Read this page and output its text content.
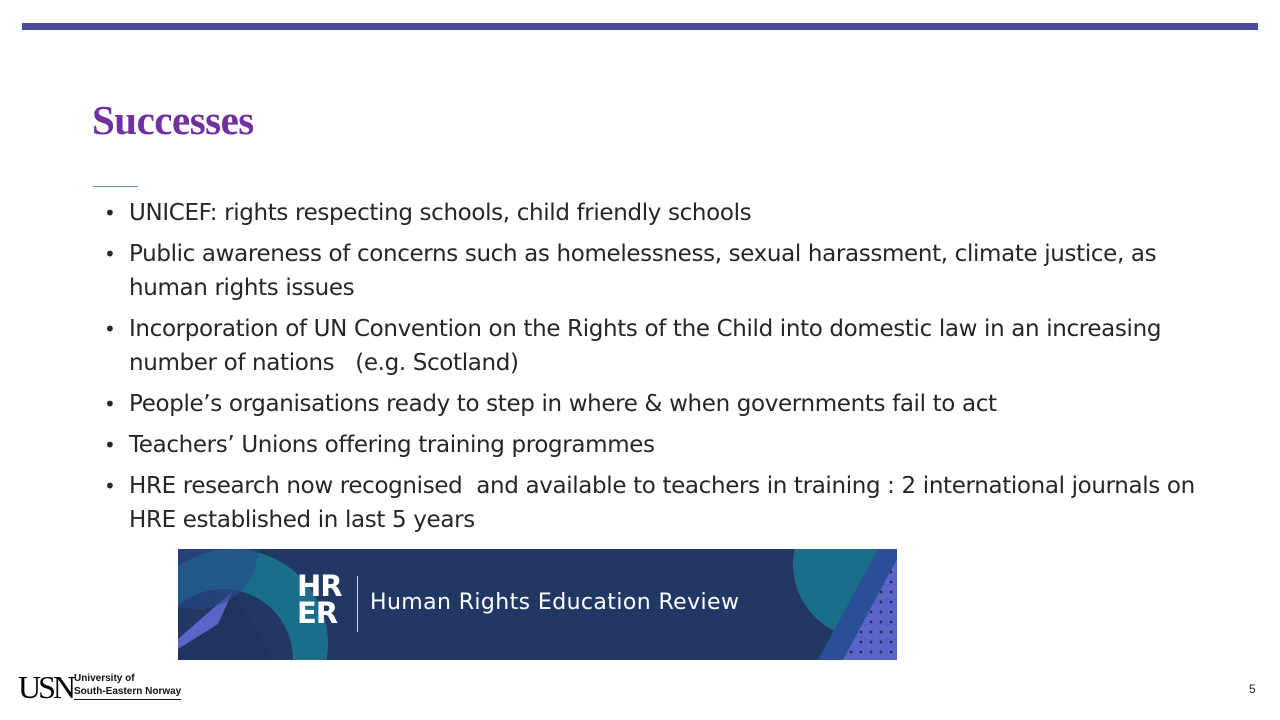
Successes
• UNICEF: rights respecting schools, child friendly schools
• Public awareness of concerns such as homelessness, sexual harassment, climate justice, as human rights issues
• Incorporation of UN Convention on the Rights of the Child into domestic law in an increasing number of nations   (e.g. Scotland)
• People’s organisations ready to step in where & when governments fail to act
• Teachers’ Unions offering training programmes
• HRE research now recognised  and available to teachers in training : 2 international journals on HRE established in last 5 years
HR
ER Human Rights Education Review
USN University of
South-Eastern Norway	5
